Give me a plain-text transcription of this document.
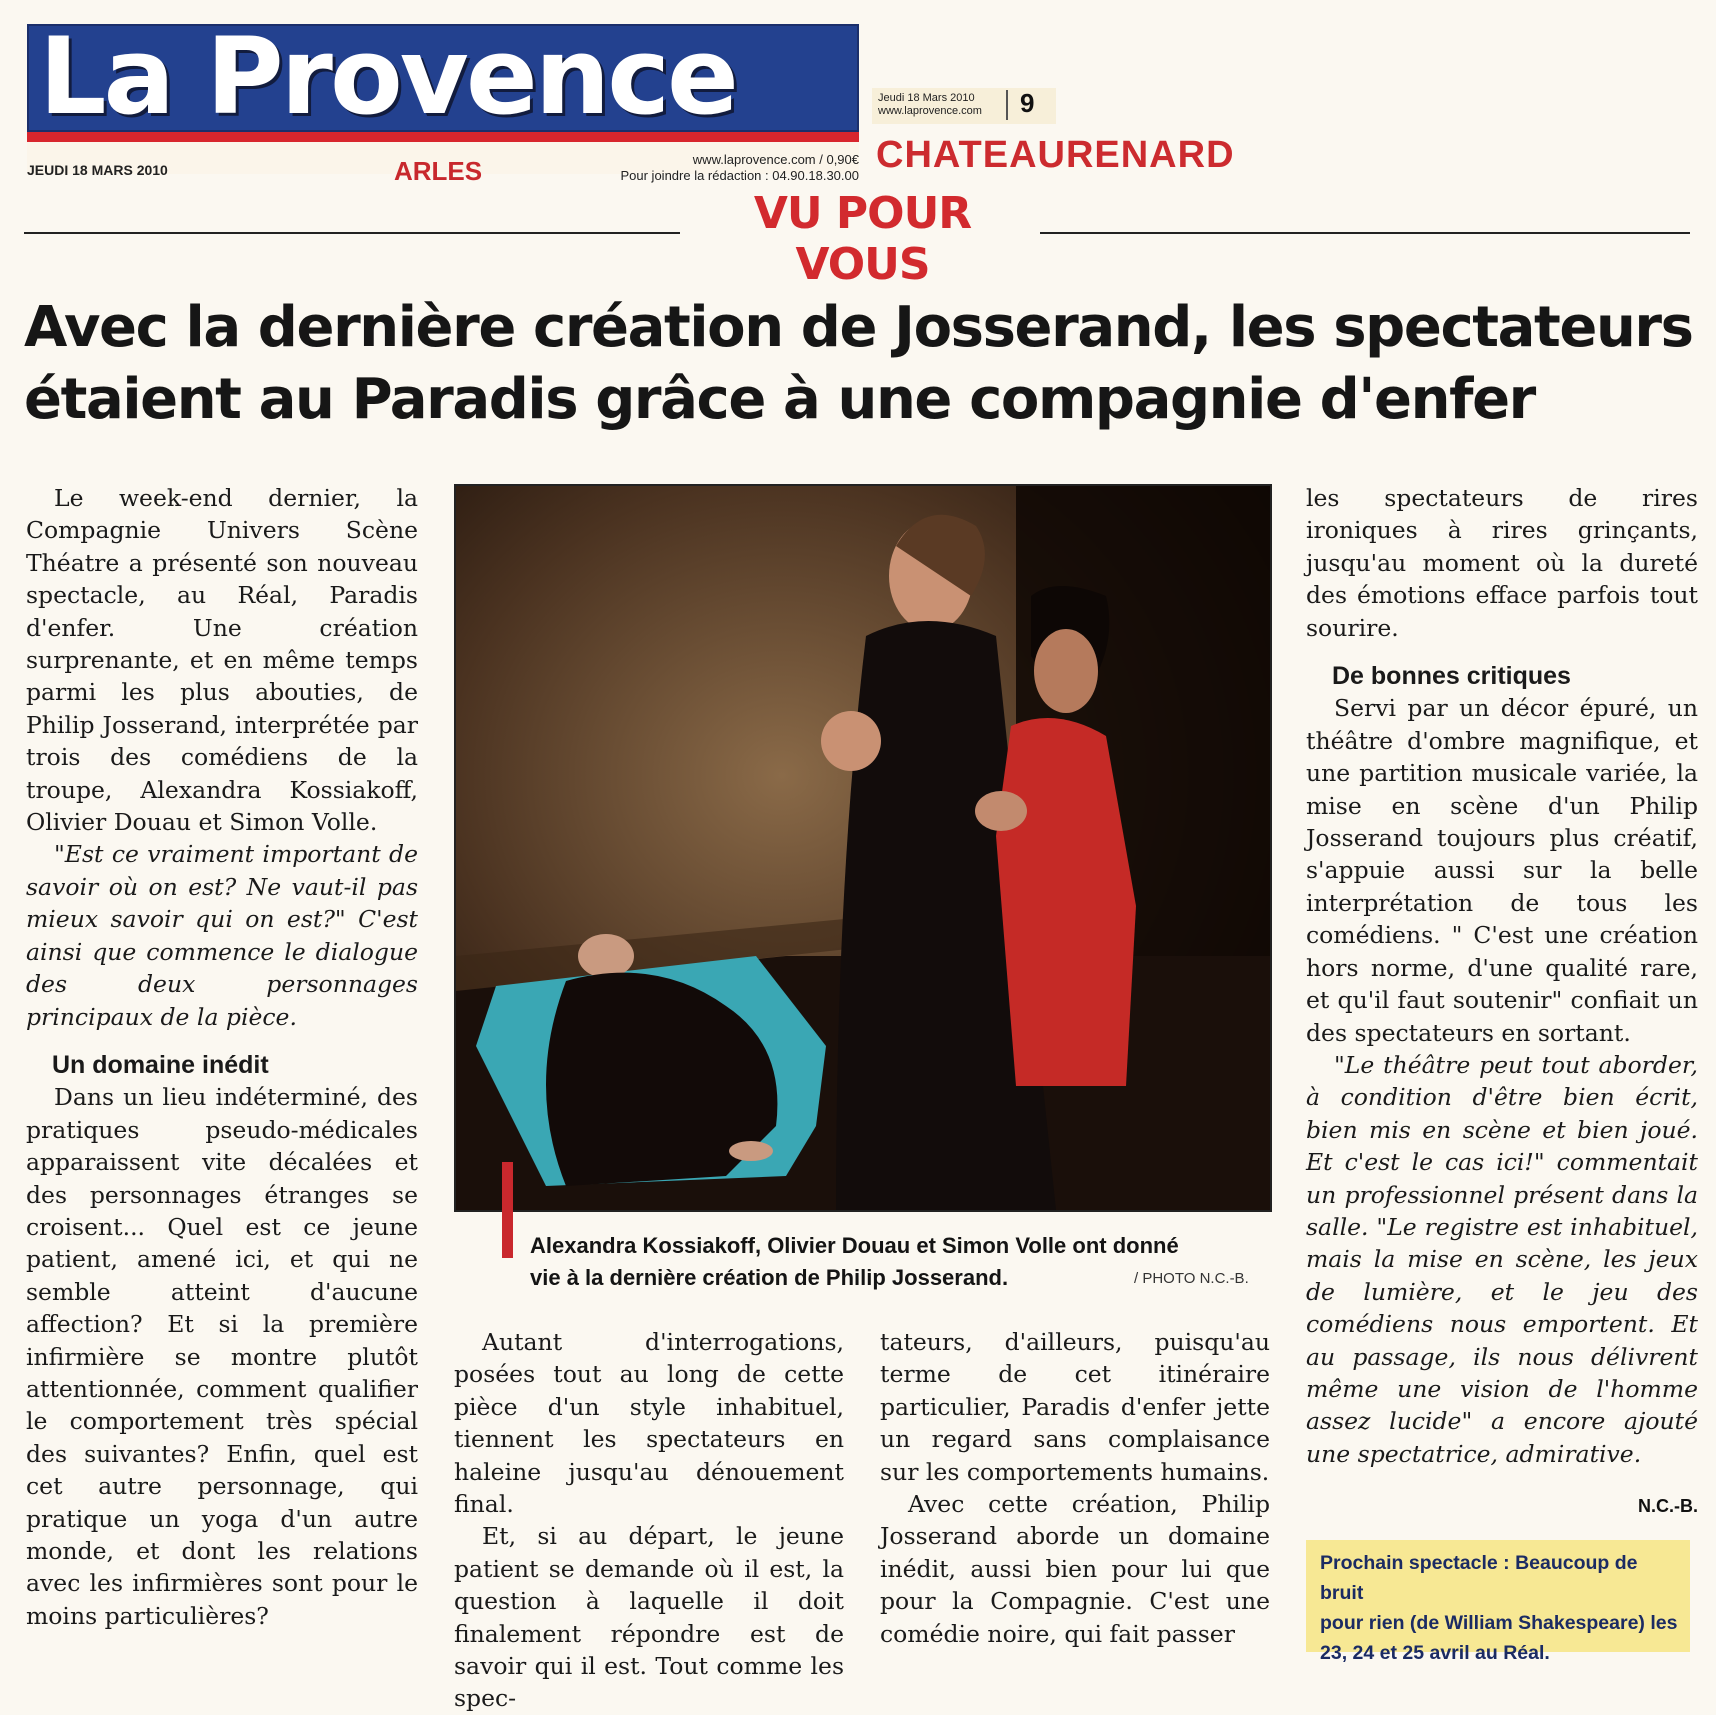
La Provence
JEUDI 18 MARS 2010	ARLES	www.laprovence.com / 0,90€
Pour joindre la rédaction : 04.90.18.30.00
Jeudi 18 Mars 2010
www.laprovence.com 9
CHATEAURENARD
VU POUR VOUS
Avec la dernière création de Josserand, les spectateurs
étaient au Paradis grâce à une compagnie d'enfer

Le week-end dernier, la Compagnie Univers Scène Théatre a présenté son nouveau spectacle, au Réal, Paradis d'enfer. Une création surprenante, et en même temps parmi les plus abouties, de Philip Josserand, interprétée par trois des comédiens de la troupe, Alexandra Kossiakoff, Olivier Douau et Simon Volle.

"Est ce vraiment important de savoir où on est? Ne vaut-il pas mieux savoir qui on est?" C'est ainsi que commence le dialogue des deux personnages principaux de la pièce.

Un domaine inédit

Dans un lieu indéterminé, des pratiques pseudo-médicales apparaissent vite décalées et des personnages étranges se croisent... Quel est ce jeune patient, amené ici, et qui ne semble atteint d'aucune affection? Et si la première infirmière se montre plutôt attentionnée, comment qualifier le comportement très spécial des suivantes? Enfin, quel est cet autre personnage, qui pratique un yoga d'un autre monde, et dont les relations avec les infirmières sont pour le moins particulières?

Alexandra Kossiakoff, Olivier Douau et Simon Volle ont donné
vie à la dernière création de Philip Josserand.	/ PHOTO N.C.-B.

Autant d'interrogations, posées tout au long de cette pièce d'un style inhabituel, tiennent les spectateurs en haleine jusqu'au dénouement final.

Et, si au départ, le jeune patient se demande où il est, la question à laquelle il doit finalement répondre est de savoir qui il est. Tout comme les spec-

tateurs, d'ailleurs, puisqu'au terme de cet itinéraire particulier, Paradis d'enfer jette un regard sans complaisance sur les comportements humains.

Avec cette création, Philip Josserand aborde un domaine inédit, aussi bien pour lui que pour la Compagnie. C'est une comédie noire, qui fait passer

les spectateurs de rires ironiques à rires grinçants, jusqu'au moment où la dureté des émotions efface parfois tout sourire.

De bonnes critiques

Servi par un décor épuré, un théâtre d'ombre magnifique, et une partition musicale variée, la mise en scène d'un Philip Josserand toujours plus créatif, s'appuie aussi sur la belle interprétation de tous les comédiens. " C'est une création hors norme, d'une qualité rare, et qu'il faut soutenir" confiait un des spectateurs en sortant.

"Le théâtre peut tout aborder, à condition d'être bien écrit, bien mis en scène et bien joué. Et c'est le cas ici!" commentait un professionnel présent dans la salle. "Le registre est inhabituel, mais la mise en scène, les jeux de lumière, et le jeu des comédiens nous emportent. Et au passage, ils nous délivrent même une vision de l'homme assez lucide" a encore ajouté une spectatrice, admirative.

N.C.-B.
Prochain spectacle : Beaucoup de bruit
pour rien (de William Shakespeare) les
23, 24 et 25 avril au Réal.
